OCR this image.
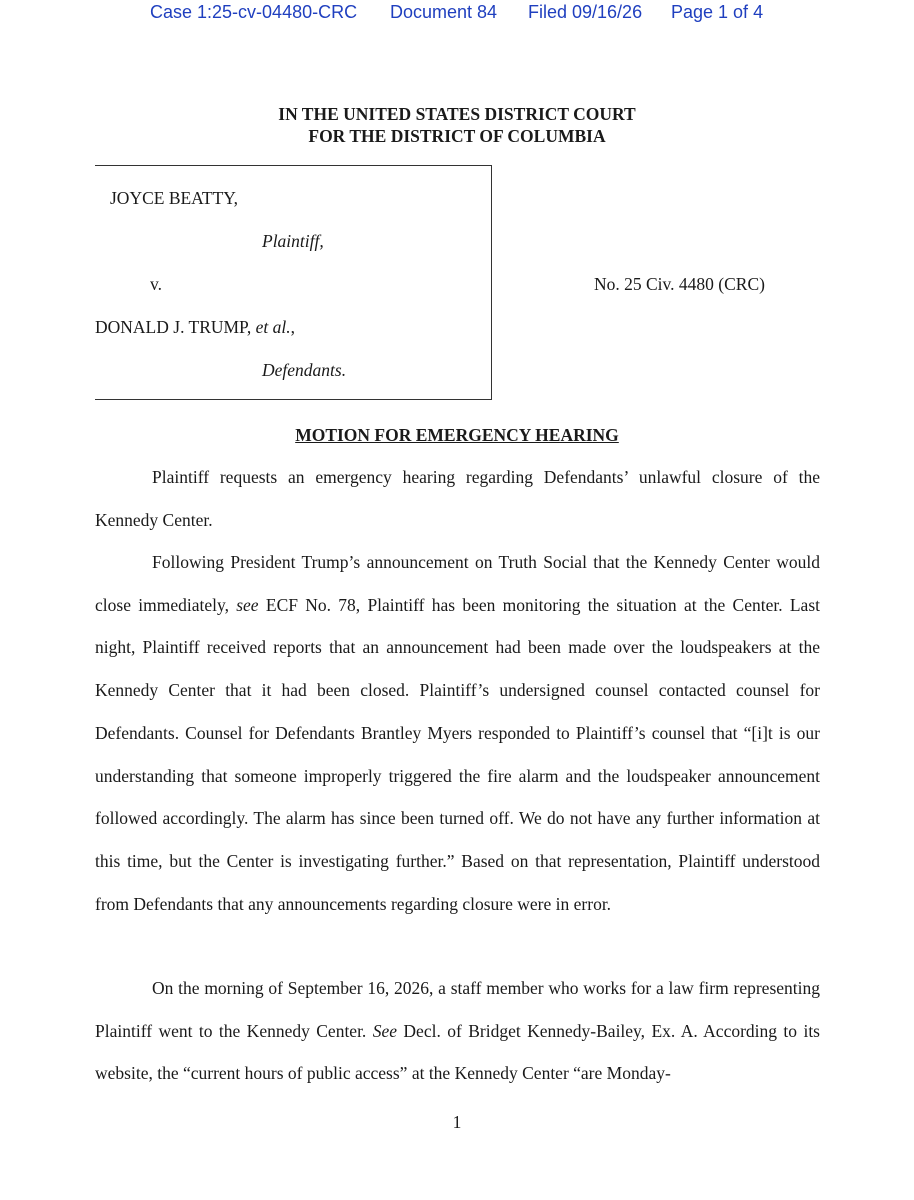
Case 1:25-cv-04480-CRC Document 84 Filed 09/16/26 Page 1 of 4
IN THE UNITED STATES DISTRICT COURT
FOR THE DISTRICT OF COLUMBIA
JOYCE BEATTY,
Plaintiff,
v.
DONALD J. TRUMP, et al.,
Defendants.
No. 25 Civ. 4480 (CRC)
MOTION FOR EMERGENCY HEARING

Plaintiff requests an emergency hearing regarding Defendants’ unlawful closure of the Kennedy Center.

Following President Trump’s announcement on Truth Social that the Kennedy Center would close immediately, see ECF No. 78, Plaintiff has been monitoring the situation at the Center. Last night, Plaintiff received reports that an announcement had been made over the loudspeakers at the Kennedy Center that it had been closed. Plaintiff’s undersigned counsel contacted counsel for Defendants. Counsel for Defendants Brantley Myers responded to Plaintiff’s counsel that “[i]t is our understanding that someone improperly triggered the fire alarm and the loudspeaker announcement followed accordingly. The alarm has since been turned off. We do not have any further information at this time, but the Center is investigating further.” Based on that representation, Plaintiff understood from Defendants that any announcements regarding closure were in error.

On the morning of September 16, 2026, a staff member who works for a law firm representing Plaintiff went to the Kennedy Center. See Decl. of Bridget Kennedy-Bailey, Ex. A. According to its website, the “current hours of public access” at the Kennedy Center “are Monday-

1
